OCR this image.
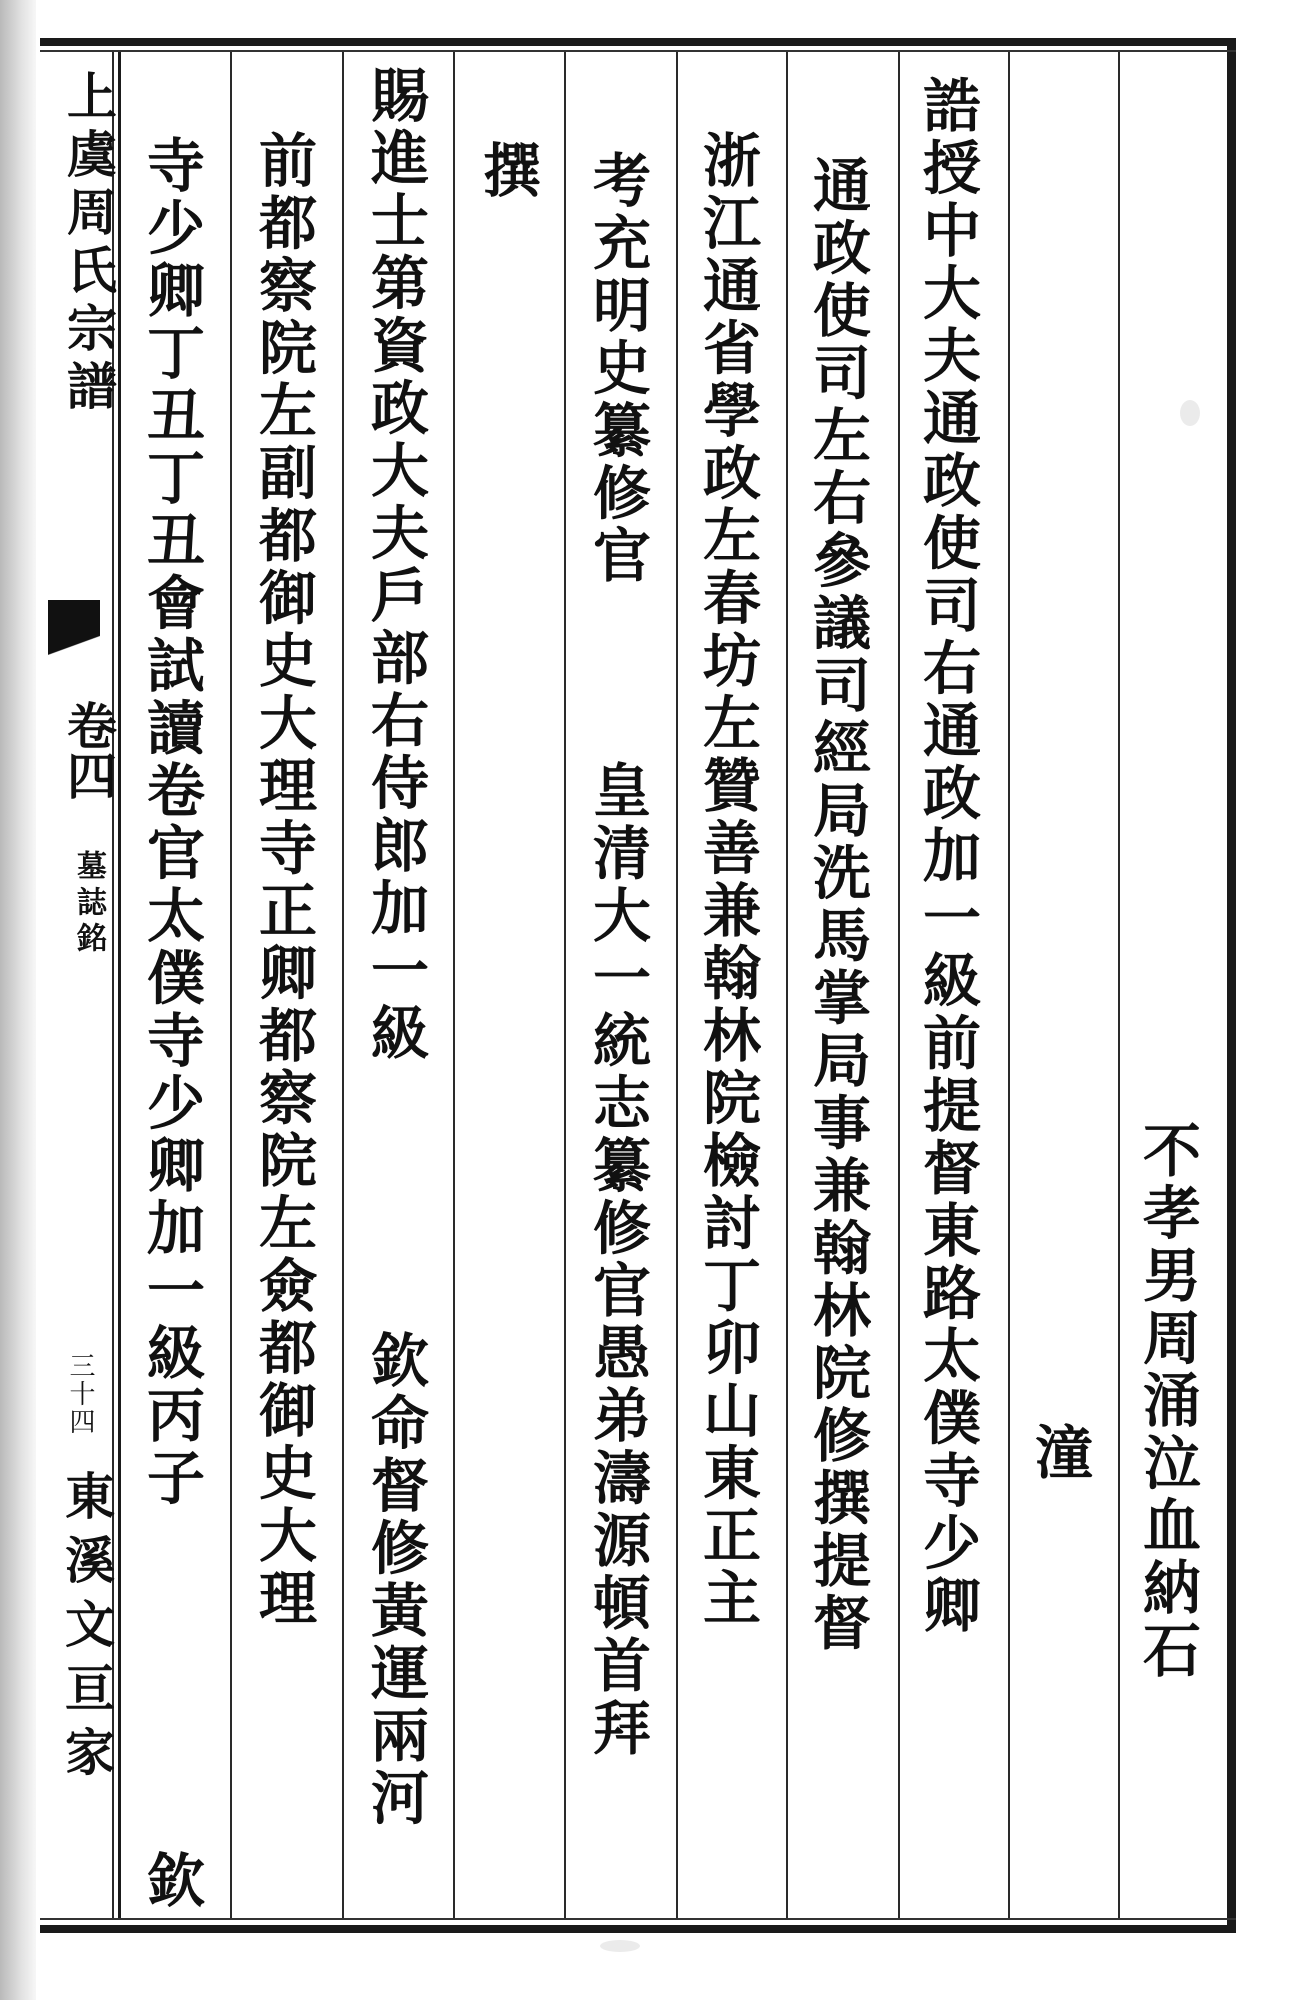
上虞周氏宗譜
卷四
墓誌銘
三十四
東溪文亘家	不孝男周涌泣血納石
潼
誥授中大夫通政使司右通政加一級前提督東路太僕寺少卿
通政使司左右參議司經局洗馬掌局事兼翰林院修撰提督
浙江通省學政左春坊左贊善兼翰林院檢討丁卯山東正主
考充明史纂修官
皇清大一統志纂修官愚弟濤源頓首拜
撰
賜進士第資政大夫戶部右侍郎加一級
欽命督修黃運兩河
前都察院左副都御史大理寺正卿都察院左僉都御史大理
寺少卿丁丑丁丑會試讀卷官太僕寺少卿加一級丙子
欽
